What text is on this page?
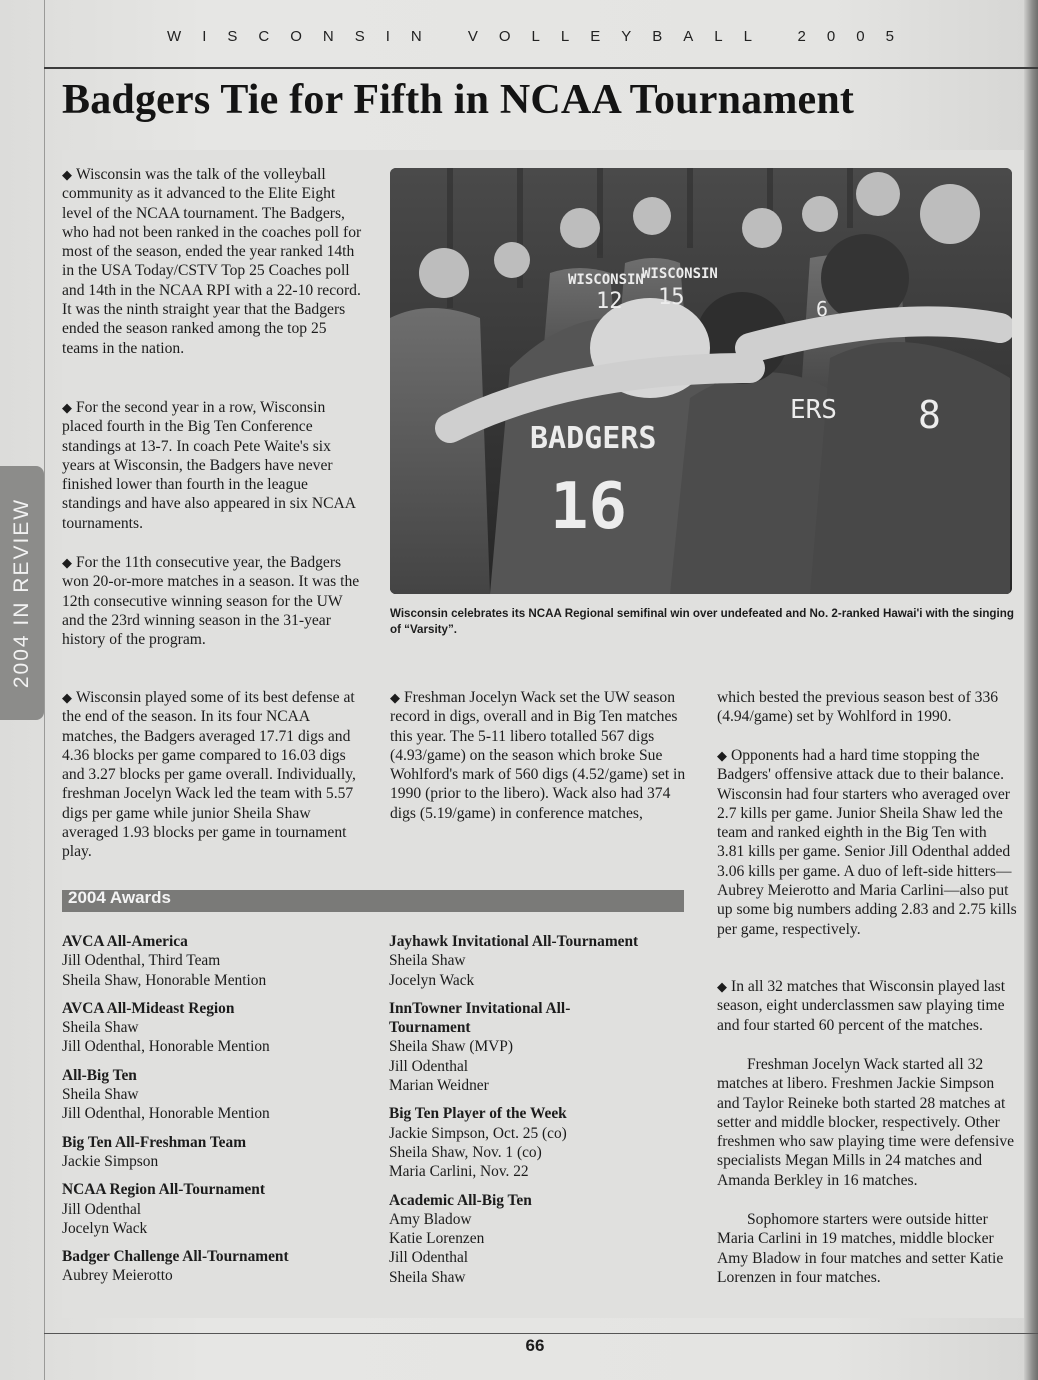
WISCONSIN VOLLEYBALL 2005
Badgers Tie for Fifth in NCAA Tournament
2004 IN REVIEW

◆ Wisconsin was the talk of the volleyball community as it advanced to the Elite Eight level of the NCAA tournament. The Badgers, who had not been ranked in the coaches poll for most of the season, ended the year ranked 14th in the USA Today/CSTV Top 25 Coaches poll and 14th in the NCAA RPI with a 22-10 record. It was the ninth straight year that the Badgers ended the season ranked among the top 25 teams in the nation.

◆ For the second year in a row, Wisconsin placed fourth in the Big Ten Conference standings at 13-7. In coach Pete Waite's six years at Wisconsin, the Badgers have never finished lower than fourth in the league standings and have also appeared in six NCAA tournaments.

◆ For the 11th consecutive year, the Badgers won 20-or-more matches in a season. It was the 12th consecutive winning season for the UW and the 23rd winning season in the 31-year history of the program.

◆ Wisconsin played some of its best defense at the end of the season. In its four NCAA matches, the Badgers averaged 17.71 digs and 4.36 blocks per game compared to 16.03 digs and 3.27 blocks per game overall. Individually, freshman Jocelyn Wack led the team with 5.57 digs per game while junior Sheila Shaw averaged 1.93 blocks per game in tournament play.

BADGERS
16
WISCONSIN
12
WISCONSIN
15
ERS
6
8
Wisconsin celebrates its NCAA Regional semifinal win over undefeated and No. 2-ranked Hawai'i with the singing of “Varsity”.

◆ Freshman Jocelyn Wack set the UW season record in digs, overall and in Big Ten matches this year. The 5-11 libero totalled 567 digs (4.93/game) on the season which broke Sue Wohlford's mark of 560 digs (4.52/game) set in 1990 (prior to the libero). Wack also had 374 digs (5.19/game) in conference matches,

which bested the previous season best of 336 (4.94/game) set by Wohlford in 1990.

◆ Opponents had a hard time stopping the Badgers' offensive attack due to their balance. Wisconsin had four starters who averaged over 2.7 kills per game. Junior Sheila Shaw led the team and ranked eighth in the Big Ten with 3.81 kills per game. Senior Jill Odenthal added 3.06 kills per game. A duo of left-side hitters—Aubrey Meierotto and Maria Carlini—also put up some big numbers adding 2.83 and 2.75 kills per game, respectively.

◆ In all 32 matches that Wisconsin played last season, eight underclassmen saw playing time and four started 60 percent of the matches.

Freshman Jocelyn Wack started all 32 matches at libero. Freshmen Jackie Simpson and Taylor Reineke both started 28 matches at setter and middle blocker, respectively. Other freshmen who saw playing time were defensive specialists Megan Mills in 24 matches and Amanda Berkley in 16 matches.

Sophomore starters were outside hitter Maria Carlini in 19 matches, middle blocker Amy Bladow in four matches and setter Katie Lorenzen in four matches.

2004 Awards
AVCA All-America
Jill Odenthal, Third Team
Sheila Shaw, Honorable Mention
AVCA All-Mideast Region
Sheila Shaw
Jill Odenthal, Honorable Mention
All-Big Ten
Sheila Shaw
Jill Odenthal, Honorable Mention
Big Ten All-Freshman Team
Jackie Simpson
NCAA Region All-Tournament
Jill Odenthal
Jocelyn Wack
Badger Challenge All-Tournament
Aubrey Meierotto
Jayhawk Invitational All-Tournament
Sheila Shaw
Jocelyn Wack
InnTowner Invitational All-Tournament
Sheila Shaw (MVP)
Jill Odenthal
Marian Weidner
Big Ten Player of the Week
Jackie Simpson, Oct. 25 (co)
Sheila Shaw, Nov. 1 (co)
Maria Carlini, Nov. 22
Academic All-Big Ten
Amy Bladow
Katie Lorenzen
Jill Odenthal
Sheila Shaw
66
